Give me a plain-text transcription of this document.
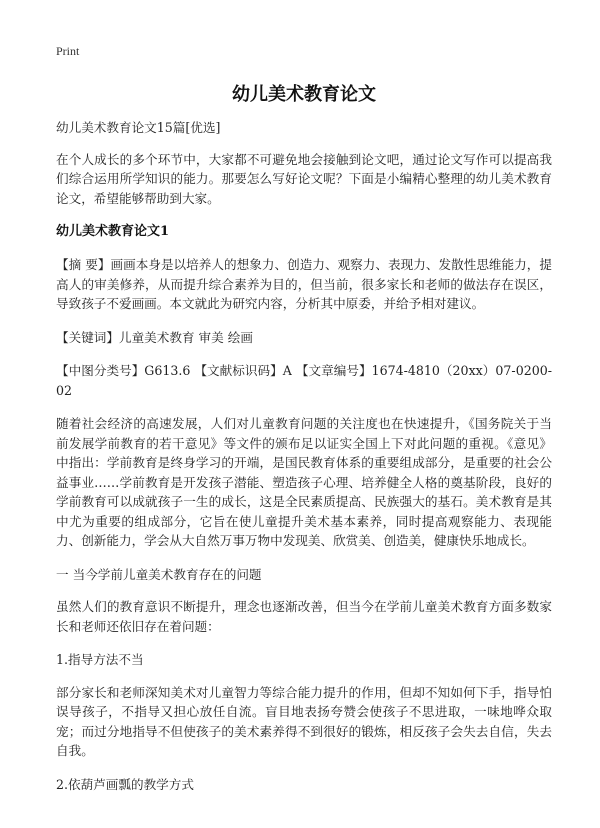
Print
幼儿美术教育论文

幼儿美术教育论文15篇[优选]

在个人成长的多个环节中，大家都不可避免地会接触到论文吧，通过论文写作可以提高我们综合运用所学知识的能力。那要怎么写好论文呢？下面是小编精心整理的幼儿美术教育论文，希望能够帮助到大家。

幼儿美术教育论文1

【摘 要】画画本身是以培养人的想象力、创造力、观察力、表现力、发散性思维能力，提高人的审美修养，从而提升综合素养为目的，但当前，很多家长和老师的做法存在误区，导致孩子不爱画画。本文就此为研究内容，分析其中原委，并给予相对建议。

【关键词】儿童美术教育 审美 绘画

【中图分类号】G613.6 【文献标识码】A 【文章编号】1674-4810（20xx）07-0200-02

随着社会经济的高速发展，人们对儿童教育问题的关注度也在快速提升，《国务院关于当前发展学前教育的若干意见》等文件的颁布足以证实全国上下对此问题的重视。《意见》中指出：学前教育是终身学习的开端，是国民教育体系的重要组成部分，是重要的社会公益事业……学前教育是开发孩子潜能、塑造孩子心理、培养健全人格的奠基阶段，良好的学前教育可以成就孩子一生的成长，这是全民素质提高、民族强大的基石。美术教育是其中尤为重要的组成部分，它旨在使儿童提升美术基本素养，同时提高观察能力、表现能力、创新能力，学会从大自然万事万物中发现美、欣赏美、创造美，健康快乐地成长。

一 当今学前儿童美术教育存在的问题

虽然人们的教育意识不断提升，理念也逐渐改善，但当今在学前儿童美术教育方面多数家长和老师还依旧存在着问题：

1.指导方法不当

部分家长和老师深知美术对儿童智力等综合能力提升的作用，但却不知如何下手，指导怕误导孩子，不指导又担心放任自流。盲目地表扬夸赞会使孩子不思进取，一味地哗众取宠；而过分地指导不但使孩子的美术素养得不到很好的锻炼，相反孩子会失去自信，失去自我。

2.依葫芦画瓢的教学方式
